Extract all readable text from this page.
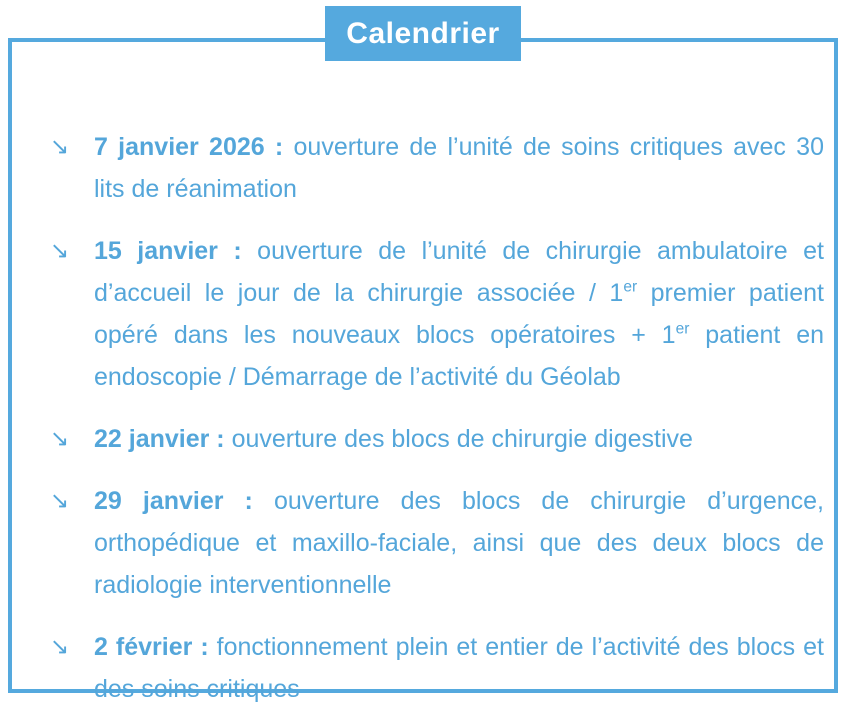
Calendrier
↘ 7 janvier 2026 : ouverture de l’unité de soins critiques avec 30 lits de réanimation

↘ 15 janvier : ouverture de l’unité de chirurgie ambulatoire et d’accueil le jour de la chirurgie associée / 1er premier patient opéré dans les nouveaux blocs opératoires + 1er patient en endoscopie / Démarrage de l’activité du Géolab

↘ 22 janvier : ouverture des blocs de chirurgie digestive

↘ 29 janvier : ouverture des blocs de chirurgie d’urgence, orthopédique et maxillo-faciale, ainsi que des deux blocs de radiologie interventionnelle

↘ 2 février : fonctionnement plein et entier de l’activité des blocs et des soins critiques
